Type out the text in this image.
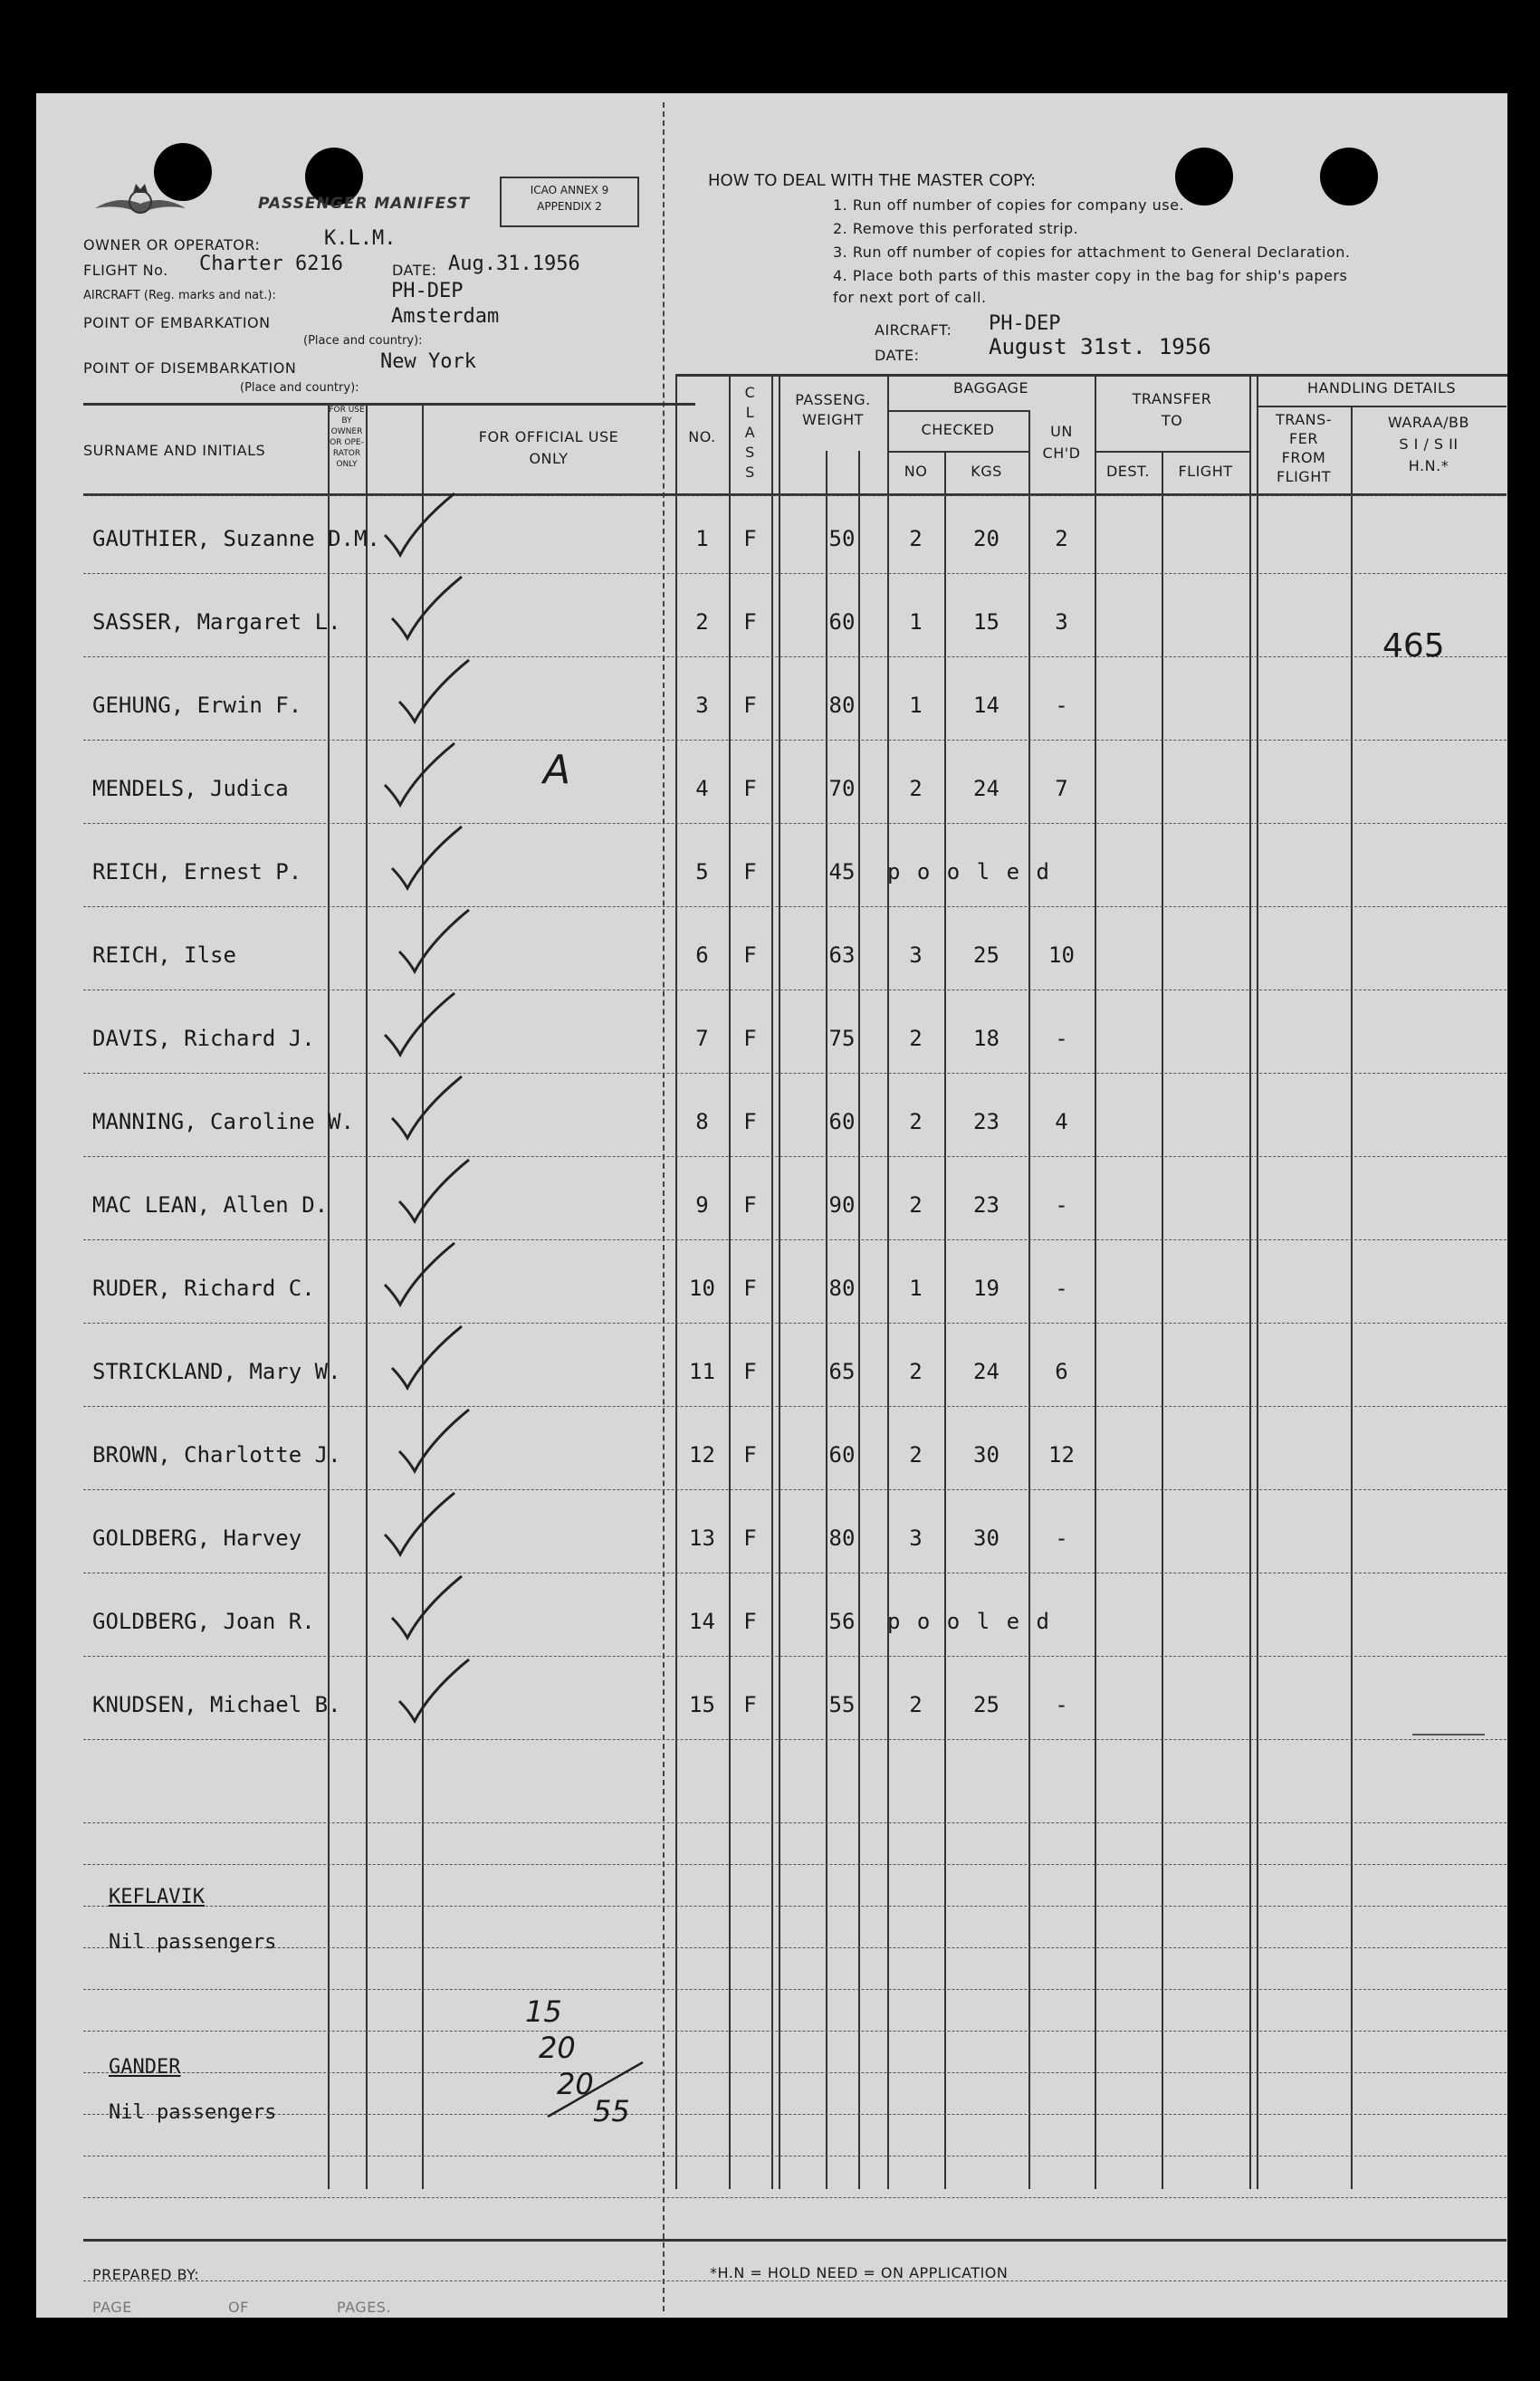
PASSENGER MANIFEST
ICAO ANNEX 9
APPENDIX 2
OWNER OR OPERATOR:	K.L.M.
FLIGHT No. Charter 6216	DATE: Aug.31.1956
AIRCRAFT (Reg. marks and nat.):	PH-DEP
POINT OF EMBARKATION	Amsterdam
(Place and country):
POINT OF DISEMBARKATION	New York
(Place and country):
HOW TO DEAL WITH THE MASTER COPY:
1. Run off number of copies for company use.
2. Remove this perforated strip.
3. Run off number of copies for attachment to General Declaration.
4. Place both parts of this master copy in the bag for ship's papers
for next port of call.
AIRCRAFT: PH-DEP
DATE:	August 31st. 1956
SURNAME AND INITIALS
FOR USE
BY
OWNER
OR OPE-
RATOR
ONLY
FOR OFFICIAL USE
ONLY
NO.
C
L
A
S
S
PASSENG.
WEIGHT
BAGGAGE
CHECKED
NO	KGS
UN
CH'D
TRANSFER
TO
DEST.	FLIGHT
HANDLING DETAILS
TRANS-
FER
FROM
FLIGHT
WARAA/BB
S I / S II
H.N.*
GAUTHIER, Suzanne D.M.	1	F	50	2	20	2
SASSER, Margaret L.	2	F	60	1	15	3
GEHUNG, Erwin F.	3	F	80	1	14	-
MENDELS, Judica	4	F	70	2	24	7
REICH, Ernest P.	5	F	45	p o o l e d
REICH, Ilse	6	F	63	3	25	10
DAVIS, Richard J.	7	F	75	2	18	-
MANNING, Caroline W.	8	F	60	2	23	4
MAC LEAN, Allen D.	9	F	90	2	23	-
RUDER, Richard C.	10	F	80	1	19	-
STRICKLAND, Mary W.	11	F	65	2	24	6
BROWN, Charlotte J.	12	F	60	2	30	12
GOLDBERG, Harvey	13	F	80	3	30	-
GOLDBERG, Joan R.	14	F	56	p o o l e d
KNUDSEN, Michael B.	15	F	55	2	25	-
KEFLAVIK
Nil passengers
GANDER
Nil passengers
465
A
15
20
20
55
PREPARED BY:
PAGE	OF	PAGES.
*H.N = HOLD NEED = ON APPLICATION
